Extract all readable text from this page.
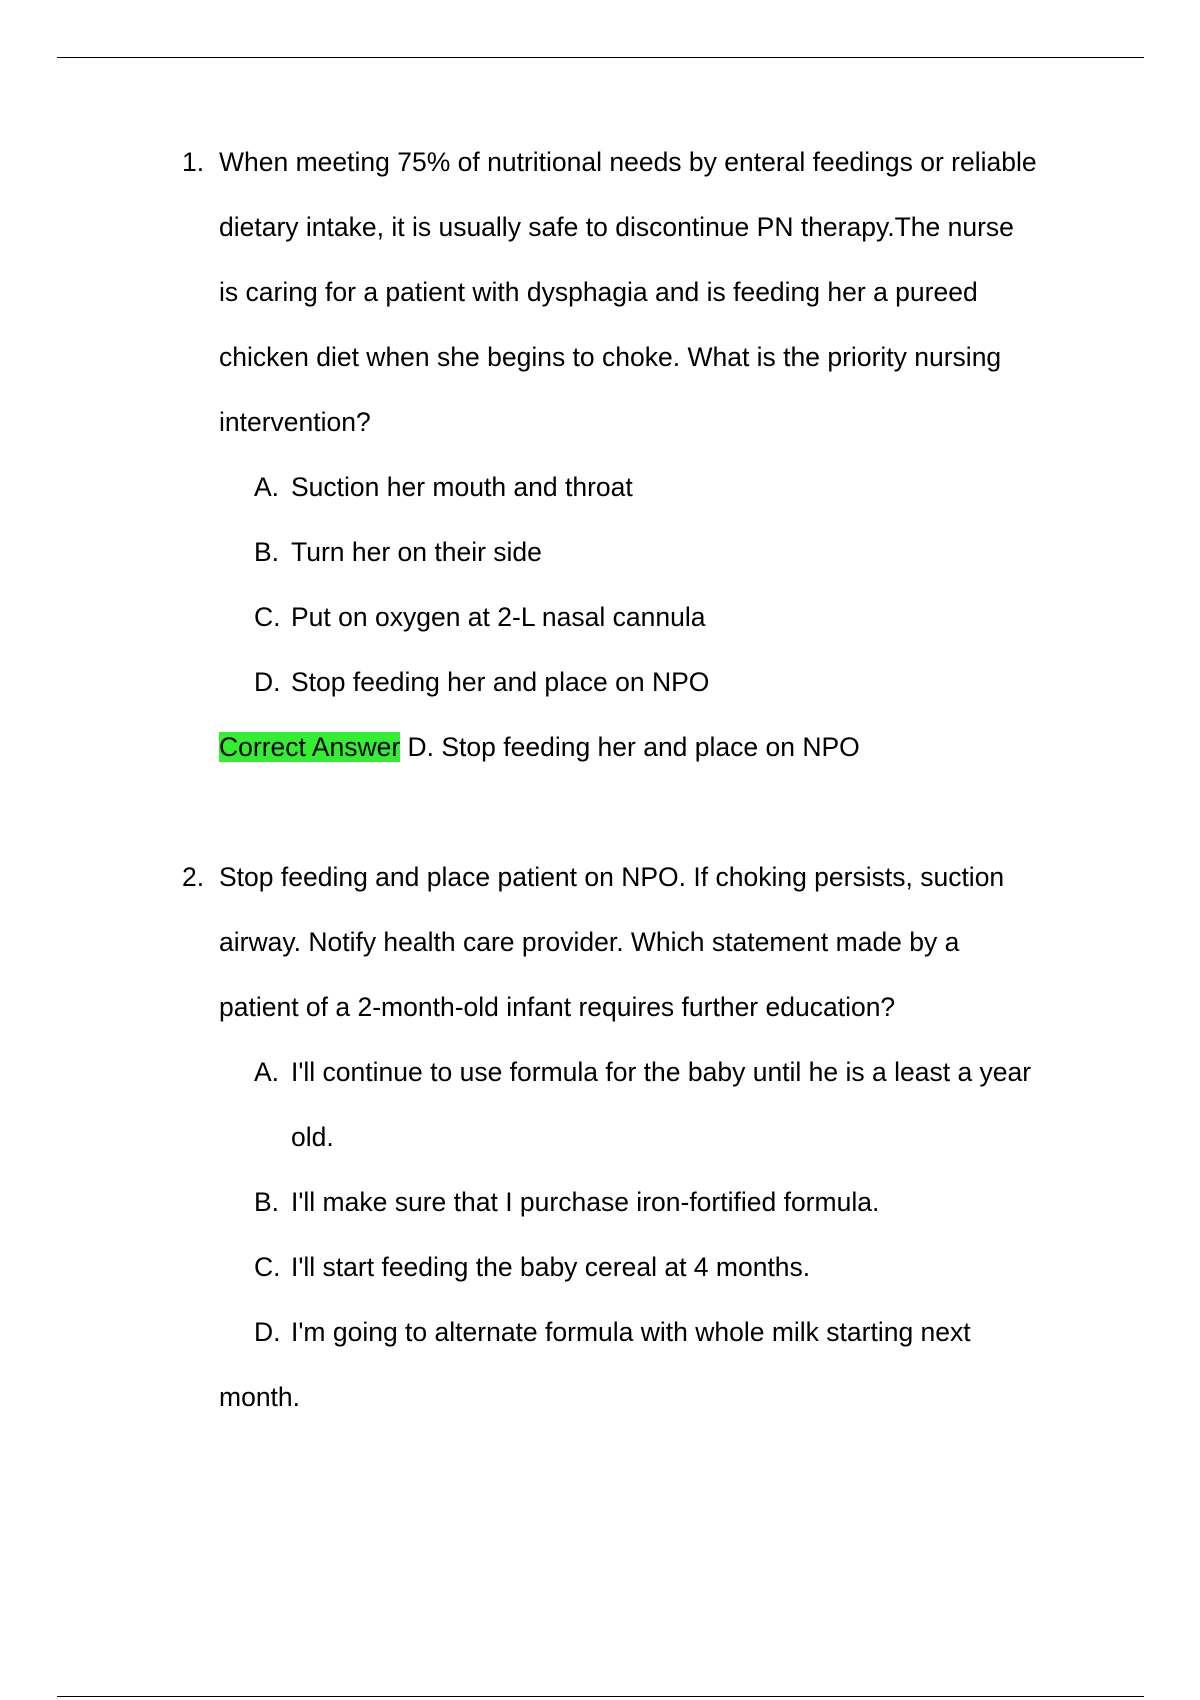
1. When meeting 75% of nutritional needs by enteral feedings or reliable
dietary intake, it is usually safe to discontinue PN therapy.The nurse
is caring for a patient with dysphagia and is feeding her a pureed
chicken diet when she begins to choke. What is the priority nursing
intervention?
A. Suction her mouth and throat
B. Turn her on their side
C. Put on oxygen at 2-L nasal cannula
D. Stop feeding her and place on NPO
Correct Answer D. Stop feeding her and place on NPO
2. Stop feeding and place patient on NPO. If choking persists, suction
airway. Notify health care provider. Which statement made by a
patient of a 2-month-old infant requires further education?
A. I'll continue to use formula for the baby until he is a least a year
old.
B. I'll make sure that I purchase iron-fortified formula.
C. I'll start feeding the baby cereal at 4 months.
D. I'm going to alternate formula with whole milk starting next
month.
